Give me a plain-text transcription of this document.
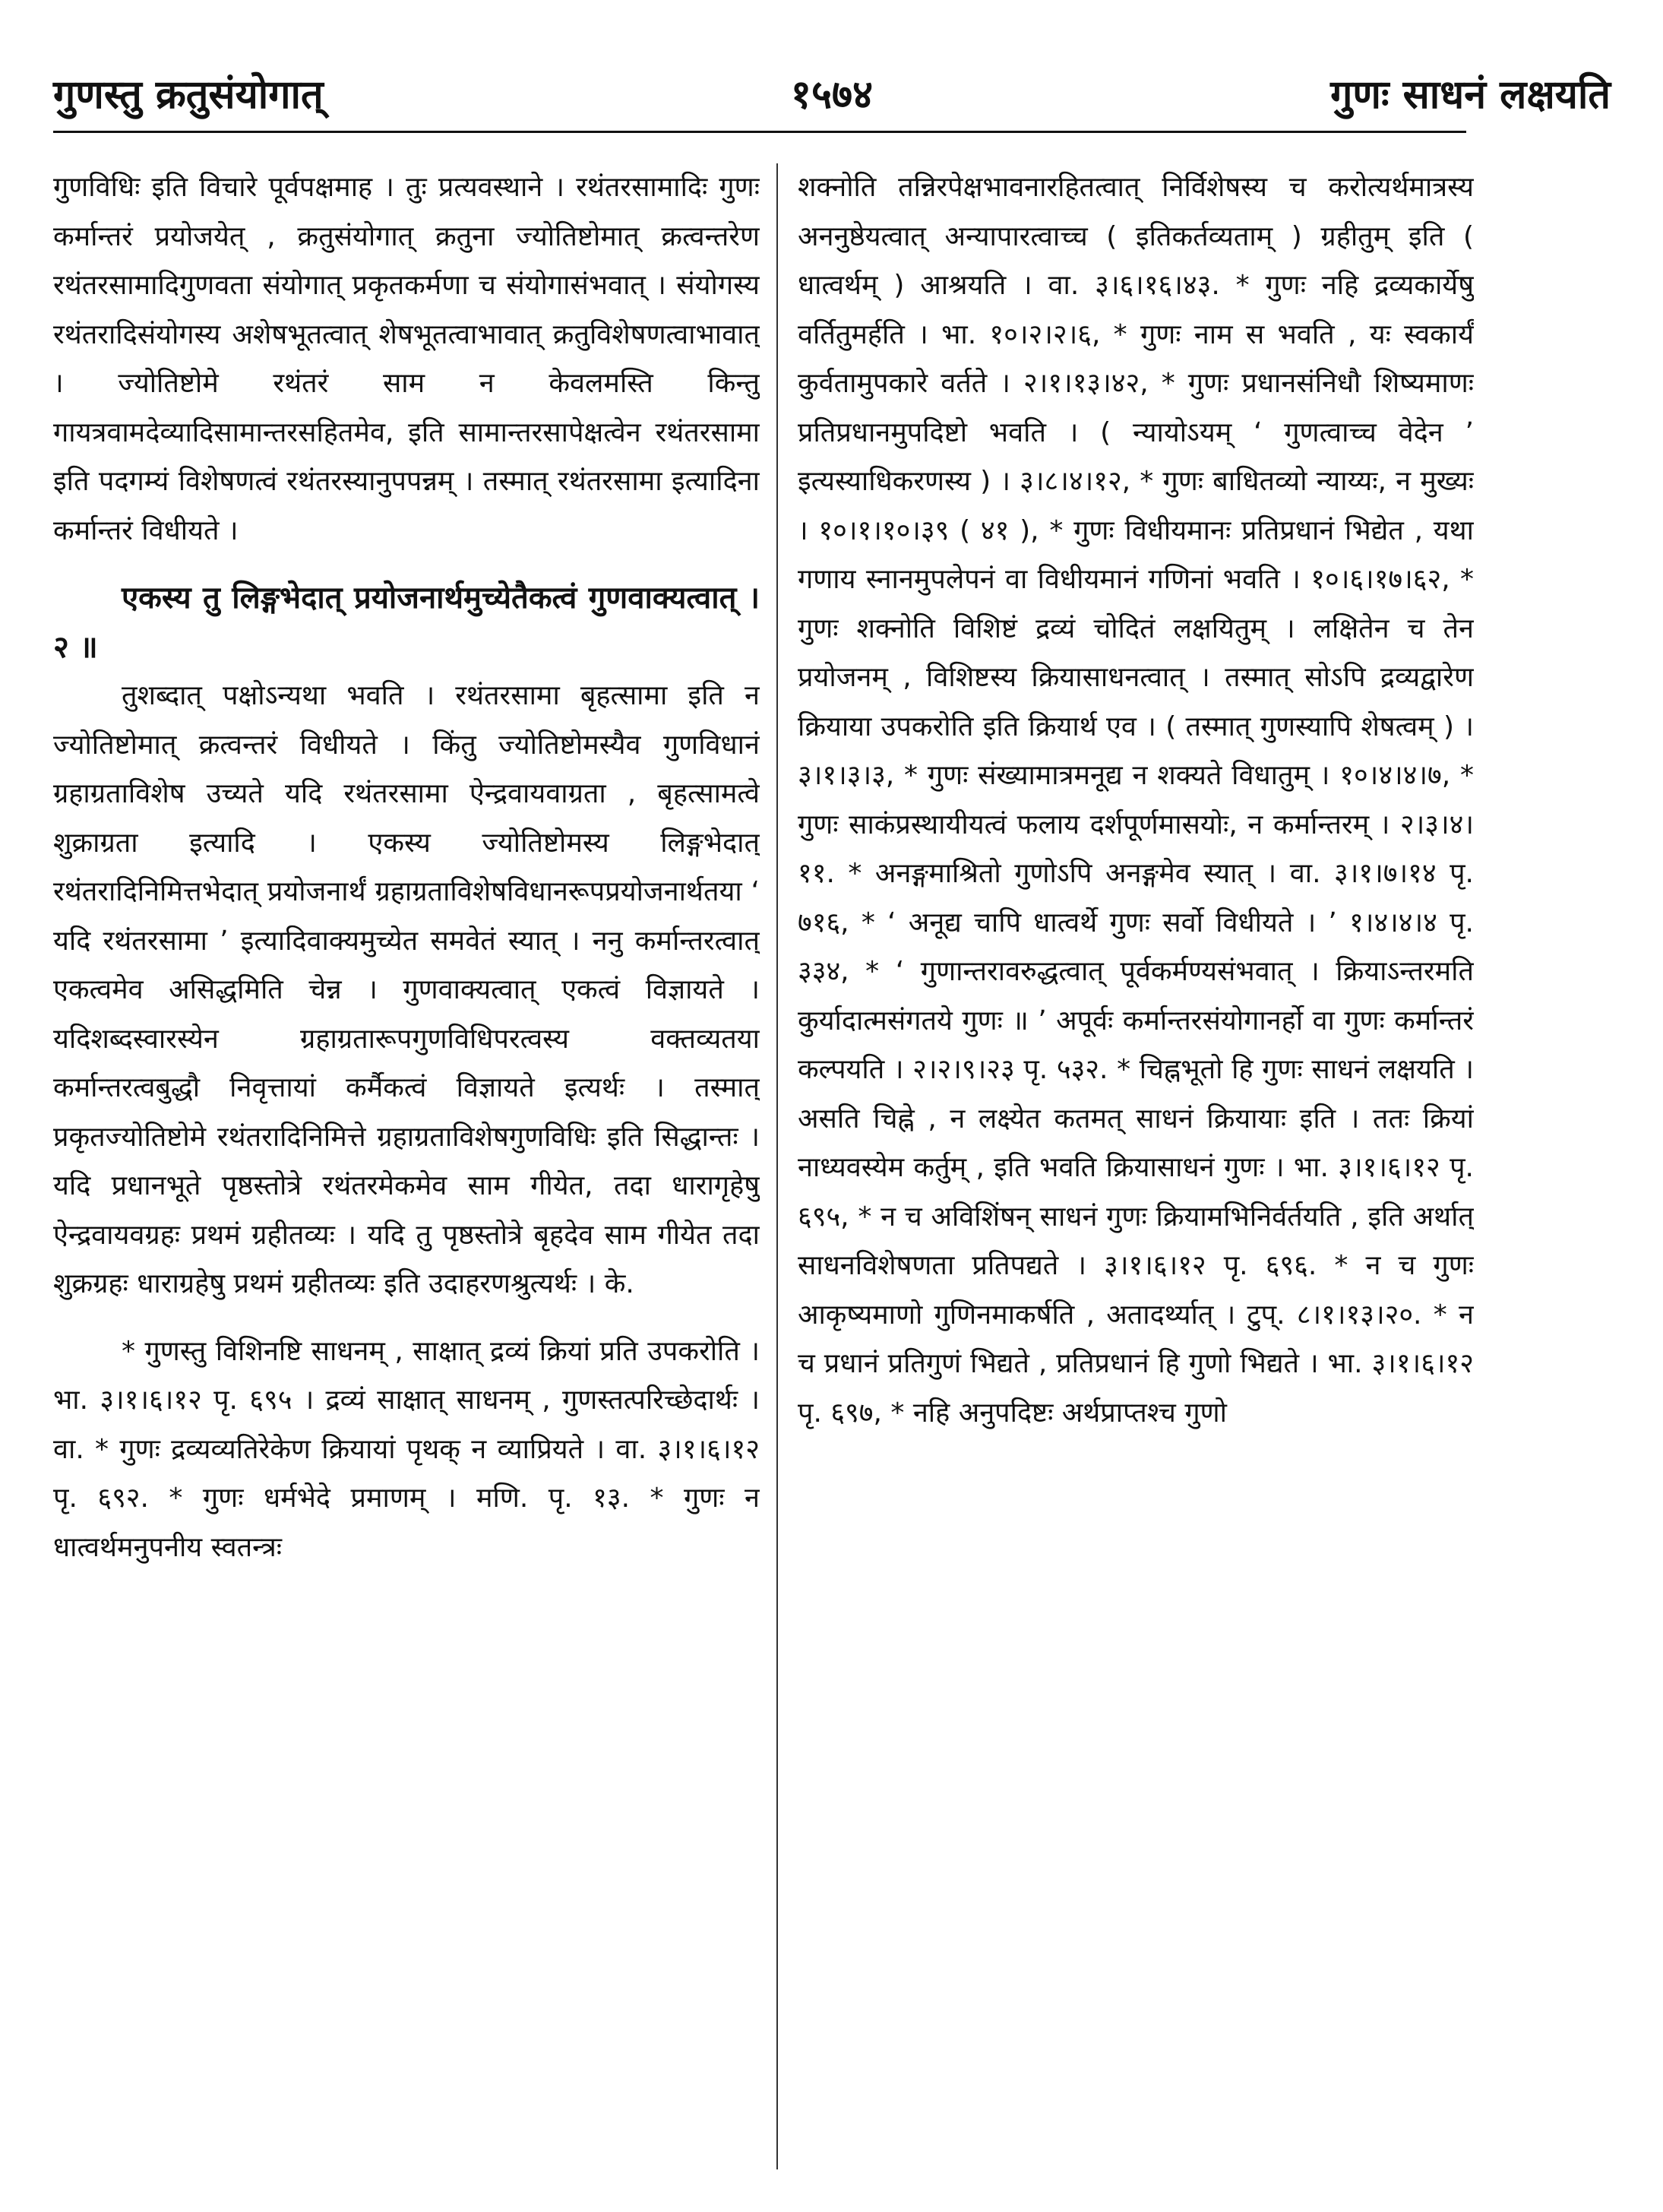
गुणस्तु क्रतुसंयोगात्	१५७४	गुणः साधनं लक्षयति

गुणविधिः इति विचारे पूर्वपक्षमाह । तुः प्रत्यवस्थाने । रथंतरसामादिः गुणः कर्मान्तरं प्रयोजयेत् , क्रतुसंयोगात् क्रतुना ज्योतिष्टोमात् क्रत्वन्तरेण रथंतरसामादिगुणवता संयोगात् प्रकृतकर्मणा च संयोगासंभवात् । संयोगस्य रथंतरादिसंयोगस्य अशेषभूतत्वात् शेषभूतत्वाभावात् क्रतुविशेषणत्वाभावात् । ज्योतिष्टोमे रथंतरं साम न केवलमस्ति किन्तु गायत्रवामदेव्यादिसामान्तरसहितमेव, इति सामान्तरसापेक्षत्वेन रथंतरसामा इति पदगम्यं विशेषणत्वं रथंतरस्यानुपपन्नम् । तस्मात् रथंतरसामा इत्यादिना कर्मान्तरं विधीयते ।

एकस्य तु लिङ्गभेदात् प्रयोजनार्थमुच्येतैकत्वं गुणवाक्यत्वात् । २ ॥

तुशब्दात् पक्षोऽन्यथा भवति । रथंतरसामा बृहत्सामा इति न ज्योतिष्टोमात् क्रत्वन्तरं विधीयते । किंतु ज्योतिष्टोमस्यैव गुणविधानं ग्रहाग्रताविशेष उच्यते यदि रथंतरसामा ऐन्द्रवायवाग्रता , बृहत्सामत्वे शुक्राग्रता इत्यादि । एकस्य ज्योतिष्टोमस्य लिङ्गभेदात् रथंतरादिनिमित्तभेदात् प्रयोजनार्थं ग्रहाग्रताविशेषविधानरूपप्रयोजनार्थतया ‘ यदि रथंतरसामा ’ इत्यादिवाक्यमुच्येत समवेतं स्यात् । ननु कर्मान्तरत्वात् एकत्वमेव असिद्धमिति चेन्न । गुणवाक्यत्वात् एकत्वं विज्ञायते । यदिशब्दस्वारस्येन ग्रहाग्रतारूपगुणविधिपरत्वस्य वक्तव्यतया कर्मान्तरत्वबुद्धौ निवृत्तायां कर्मैकत्वं विज्ञायते इत्यर्थः । तस्मात् प्रकृतज्योतिष्टोमे रथंतरादिनिमित्ते ग्रहाग्रताविशेषगुणविधिः इति सिद्धान्तः । यदि प्रधानभूते पृष्ठस्तोत्रे रथंतरमेकमेव साम गीयेत, तदा धारागृहेषु ऐन्द्रवायवग्रहः प्रथमं ग्रहीतव्यः । यदि तु पृष्ठस्तोत्रे बृहदेव साम गीयेत तदा शुक्रग्रहः धाराग्रहेषु प्रथमं ग्रहीतव्यः इति उदाहरणश्रुत्यर्थः । के.

* गुणस्तु विशिनष्टि साधनम् , साक्षात् द्रव्यं क्रियां प्रति उपकरोति । भा. ३।१।६।१२ पृ. ६९५ । द्रव्यं साक्षात् साधनम् , गुणस्तत्परिच्छेदार्थः । वा. * गुणः द्रव्यव्यतिरेकेण क्रियायां पृथक् न व्याप्रियते । वा. ३।१।६।१२ पृ. ६९२. * गुणः धर्मभेदे प्रमाणम् । मणि. पृ. १३. * गुणः न धात्वर्थमनुपनीय स्वतन्त्रः

शक्नोति तन्निरपेक्षभावनारहितत्वात् निर्विशेषस्य च करोत्यर्थमात्रस्य अननुष्ठेयत्वात् अन्यापारत्वाच्च ( इतिकर्तव्यताम् ) ग्रहीतुम् इति ( धात्वर्थम् ) आश्रयति । वा. ३।६।१६।४३. * गुणः नहि द्रव्यकार्येषु वर्तितुमर्हति । भा. १०।२।२।६, * गुणः नाम स भवति , यः स्वकार्यं कुर्वतामुपकारे वर्तते । २।१।१३।४२, * गुणः प्रधानसंनिधौ शिष्यमाणः प्रतिप्रधानमुपदिष्टो भवति । ( न्यायोऽयम् ‘ गुणत्वाच्च वेदेन ’ इत्यस्याधिकरणस्य ) । ३।८।४।१२, * गुणः बाधितव्यो न्याय्यः, न मुख्यः । १०।१।१०।३९ ( ४१ ), * गुणः विधीयमानः प्रतिप्रधानं भिद्येत , यथा गणाय स्नानमुपलेपनं वा विधीयमानं गणिनां भवति । १०।६।१७।६२, * गुणः शक्नोति विशिष्टं द्रव्यं चोदितं लक्षयितुम् । लक्षितेन च तेन प्रयोजनम् , विशिष्टस्य क्रियासाधनत्वात् । तस्मात् सोऽपि द्रव्यद्वारेण क्रियाया उपकरोति इति क्रियार्थ एव । ( तस्मात् गुणस्यापि शेषत्वम् ) । ३।१।३।३, * गुणः संख्यामात्रमनूद्य न शक्यते विधातुम् । १०।४।४।७, * गुणः साकंप्रस्थायीयत्वं फलाय दर्शपूर्णमासयोः, न कर्मान्तरम् । २।३।४।११. * अनङ्गमाश्रितो गुणोऽपि अनङ्गमेव स्यात् । वा. ३।१।७।१४ पृ. ७१६, * ‘ अनूद्य चापि धात्वर्थे गुणः सर्वो विधीयते । ’ १।४।४।४ पृ. ३३४, * ‘ गुणान्तरावरुद्धत्वात् पूर्वकर्मण्यसंभवात् । क्रियाऽन्तरमति कुर्यादात्मसंगतये गुणः ॥ ’ अपूर्वः कर्मान्तरसंयोगानर्हो वा गुणः कर्मान्तरं कल्पयति । २।२।९।२३ पृ. ५३२. * चिह्नभूतो हि गुणः साधनं लक्षयति । असति चिह्ने , न लक्ष्येत कतमत् साधनं क्रियायाः इति । ततः क्रियां नाध्यवस्येम कर्तुम् , इति भवति क्रियासाधनं गुणः । भा. ३।१।६।१२ पृ. ६९५, * न च अविशिंषन् साधनं गुणः क्रियामभिनिर्वर्तयति , इति अर्थात् साधनविशेषणता प्रतिपद्यते । ३।१।६।१२ पृ. ६९६. * न च गुणः आकृष्यमाणो गुणिनमाकर्षति , अतादर्थ्यात् । टुप्. ८।१।१३।२०. * न च प्रधानं प्रतिगुणं भिद्यते , प्रतिप्रधानं हि गुणो भिद्यते । भा. ३।१।६।१२ पृ. ६९७, * नहि अनुपदिष्टः अर्थप्राप्तश्च गुणो
